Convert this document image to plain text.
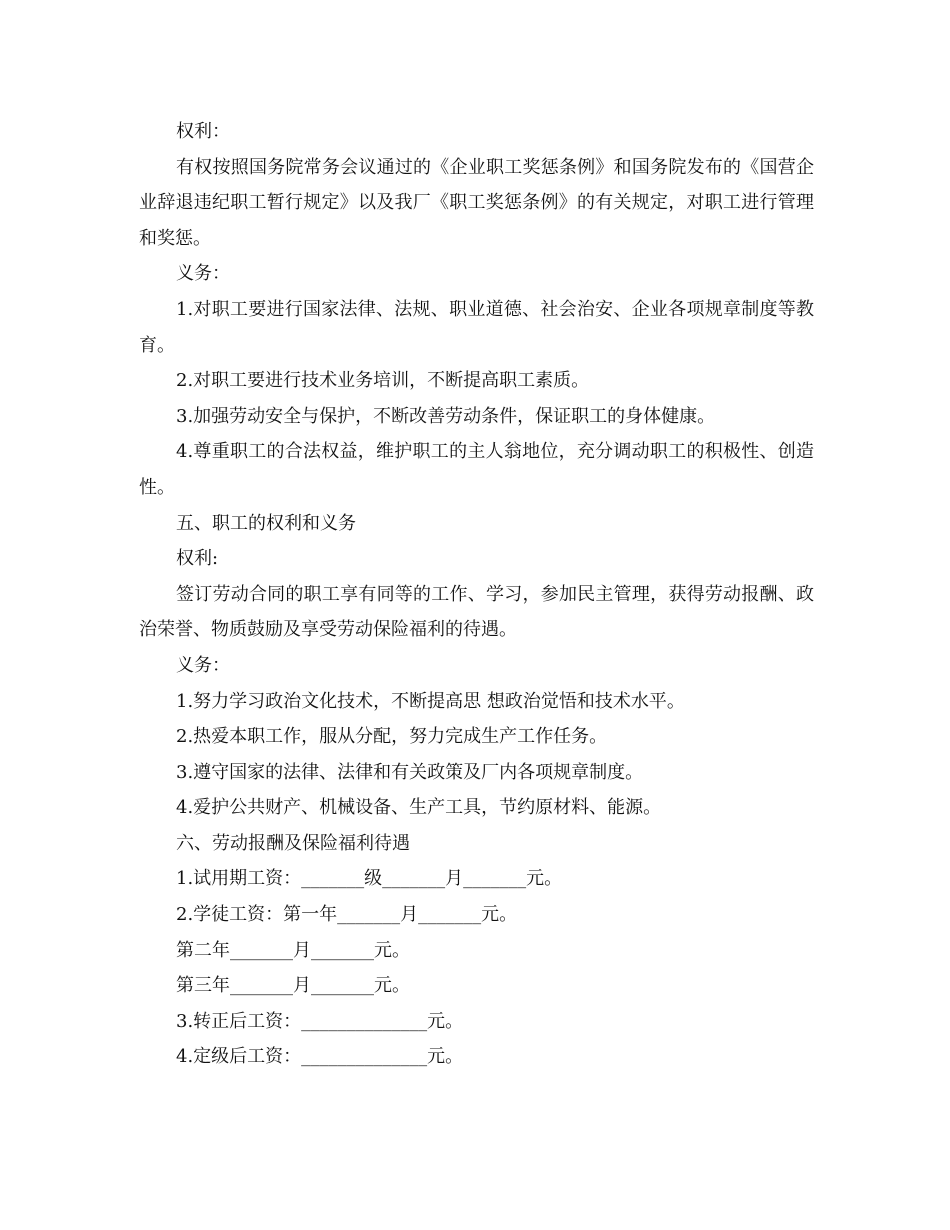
权利：

有权按照国务院常务会议通过的《企业职工奖惩条例》和国务院发布的《国营企业辞退违纪职工暂行规定》以及我厂《职工奖惩条例》的有关规定，对职工进行管理和奖惩。

义务：

1.对职工要进行国家法律、法规、职业道德、社会治安、企业各项规章制度等教育。

2.对职工要进行技术业务培训，不断提高职工素质。

3.加强劳动安全与保护，不断改善劳动条件，保证职工的身体健康。

4.尊重职工的合法权益，维护职工的主人翁地位，充分调动职工的积极性、创造性。

五、职工的权利和义务

权利:

签订劳动合同的职工享有同等的工作、学习，参加民主管理，获得劳动报酬、政治荣誉、物质鼓励及享受劳动保险福利的待遇。

义务：

1.努力学习政治文化技术，不断提高思 想政治觉悟和技术水平。

2.热爱本职工作，服从分配，努力完成生产工作任务。

3.遵守国家的法律、法律和有关政策及厂内各项规章制度。

4.爱护公共财产、机械设备、生产工具，节约原材料、能源。

六、劳动报酬及保险福利待遇

1.试用期工资：_______级_______月_______元。

2.学徒工资：第一年_______月_______元。

第二年_______月_______元。

第三年_______月_______元。

3.转正后工资：______________元。

4.定级后工资：______________元。
